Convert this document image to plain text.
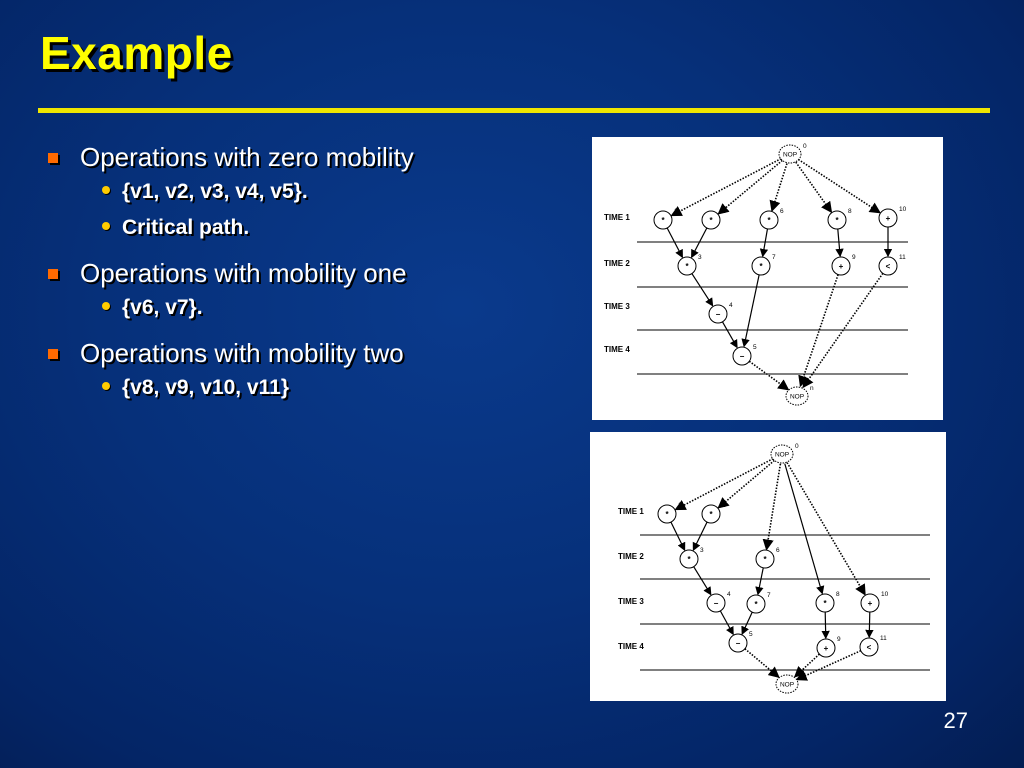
Example
Operations with zero mobility
{v1, v2, v3, v4, v5}.
Critical path.
Operations with mobility one
{v6, v7}.
Operations with mobility two
{v8, v9, v10, v11}
TIME 1
TIME 2
TIME 3
TIME 4
NOP
0
*
1
*
2
*
3
−
4
−
5
*
6
*
7
*
8
+
9
+
10
<
11
NOP
n
TIME 1
TIME 2
TIME 3
TIME 4
NOP
0
*
1
*
2
*
3
−
4
−
5
*
6
*
7
*
8
+
9
+
10
<
11
NOP
n
27
